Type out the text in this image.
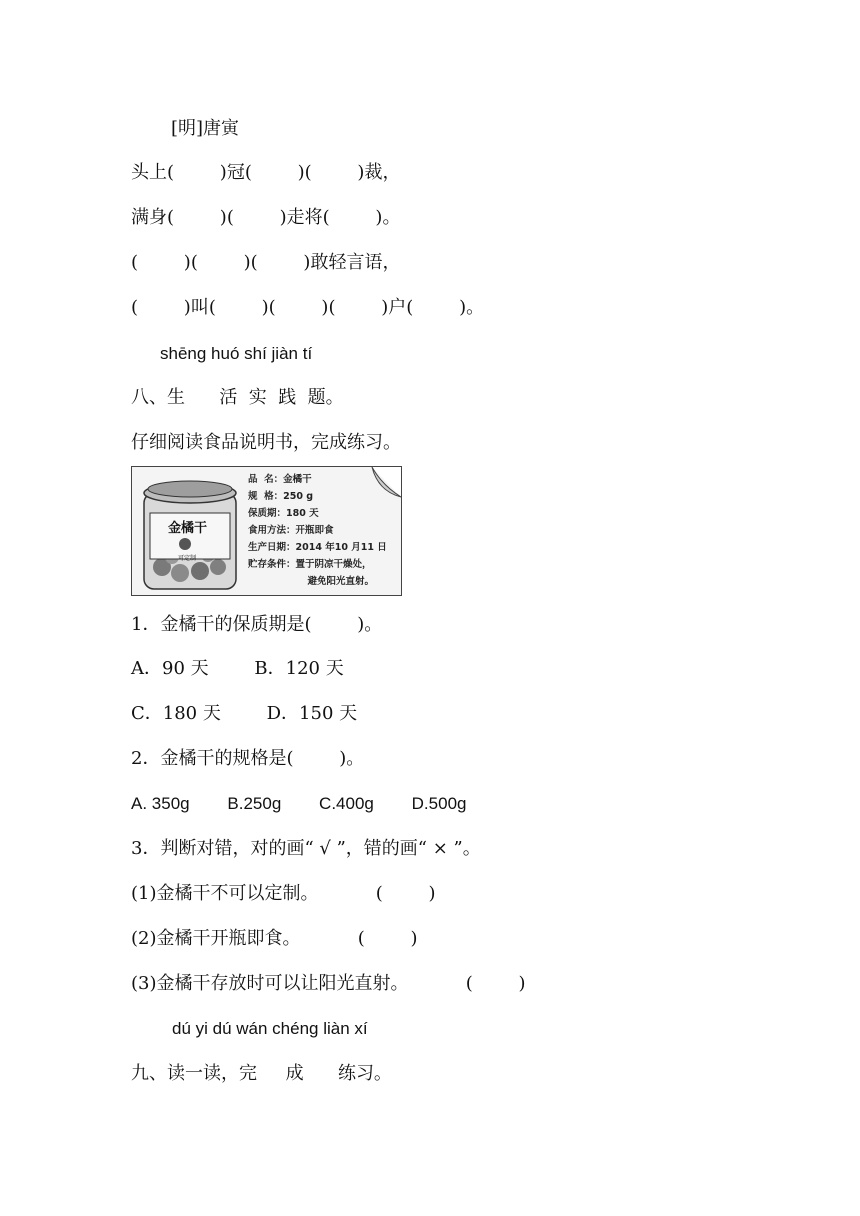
[明]唐寅
头上(        )冠(        )(        )裁，
满身(        )(        )走将(        )。
(        )(        )(        )敢轻言语，
(        )叫(        )(        )(        )户(        )。
shēng huó shí jiàn tí
八、生      活  实  践  题。
仔细阅读食品说明书，完成练习。
金橘干
可定制
品  名：金橘干
规  格：250 g
保质期：180 天
食用方法：开瓶即食
生产日期：2014 年10 月11 日
贮存条件：置于阴凉干燥处，
避免阳光直射。
1．金橘干的保质期是(        )。
A．90 天        B．120 天
C．180 天        D．150 天
2．金橘干的规格是(        )。
A. 350g        B.250g        C.400g        D.500g
3．判断对错，对的画“ √ ”，错的画“ × ”。
(1)金橘干不可以定制。          (        )
(2)金橘干开瓶即食。          (        )
(3)金橘干存放时可以让阳光直射。          (        )
dú yi dú wán chéng liàn xí
九、读一读，完     成      练习。
